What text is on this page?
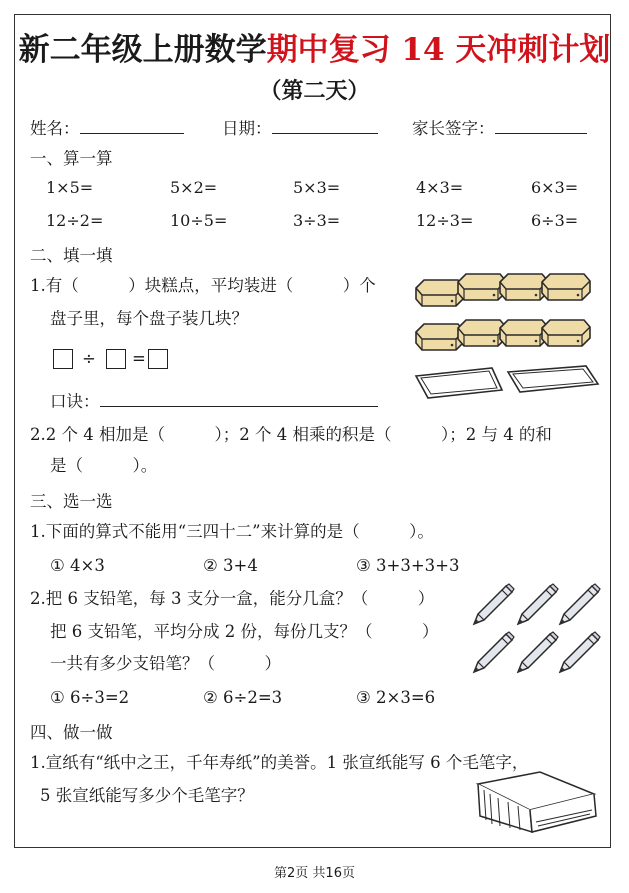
新二年级上册数学期中复习 14 天冲刺计划
（第二天）
姓名：	日期：	家长签字：
一、算一算
1×5=	5×2=	5×3=	4×3=	6×3=
12÷2=	10÷5=	3÷3=	12÷3=	6÷3=
二、填一填
1.有（　　　）块糕点，平均装进（　　　）个
盘子里，每个盘子装几块？
÷ =
口诀：
2.2 个 4 相加是（　　　）；2 个 4 相乘的积是（　　　）；2 与 4 的和
是（　　　）。
三、选一选
1.下面的算式不能用“三四十二”来计算的是（　　　）。
① 4×3	② 3+4	③ 3+3+3+3
2.把 6 支铅笔，每 3 支分一盒，能分几盒？（　　　）
把 6 支铅笔，平均分成 2 份，每份几支？（　　　）
一共有多少支铅笔？（　　　）
① 6÷3=2	② 6÷2=3	③ 2×3=6
四、做一做
1.宣纸有“纸中之王，千年寿纸”的美誉。1 张宣纸能写 6 个毛笔字，
5 张宣纸能写多少个毛笔字？
第2页 共16页
